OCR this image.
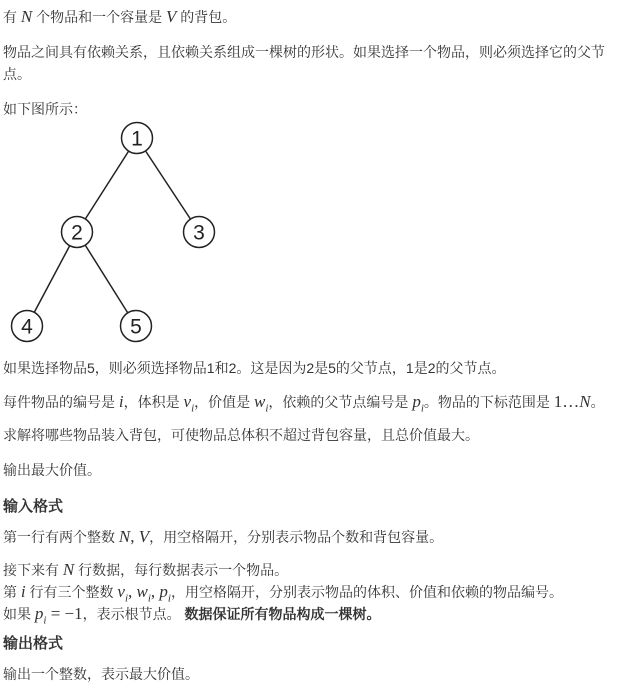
有 N 个物品和一个容量是 V 的背包。

物品之间具有依赖关系，且依赖关系组成一棵树的形状。如果选择一个物品，则必须选择它的父节点。

如下图所示：

1
2	3
4	5

如果选择物品5，则必须选择物品1和2。这是因为2是5的父节点，1是2的父节点。

每件物品的编号是 i，体积是 $v_i$，价值是 $w_i$，依赖的父节点编号是 $p_i$。物品的下标范围是 1…N。

求解将哪些物品装入背包，可使物品总体积不超过背包容量，且总价值最大。

输出最大价值。

输入格式

第一行有两个整数 N, V，用空格隔开，分别表示物品个数和背包容量。

接下来有 N 行数据，每行数据表示一个物品。

第 i 行有三个整数 $v_i$, $w_i$, $p_i$，用空格隔开，分别表示物品的体积、价值和依赖的物品编号。

如果 $p_i = -1$，表示根节点。 数据保证所有物品构成一棵树。

输出格式

输出一个整数，表示最大价值。
